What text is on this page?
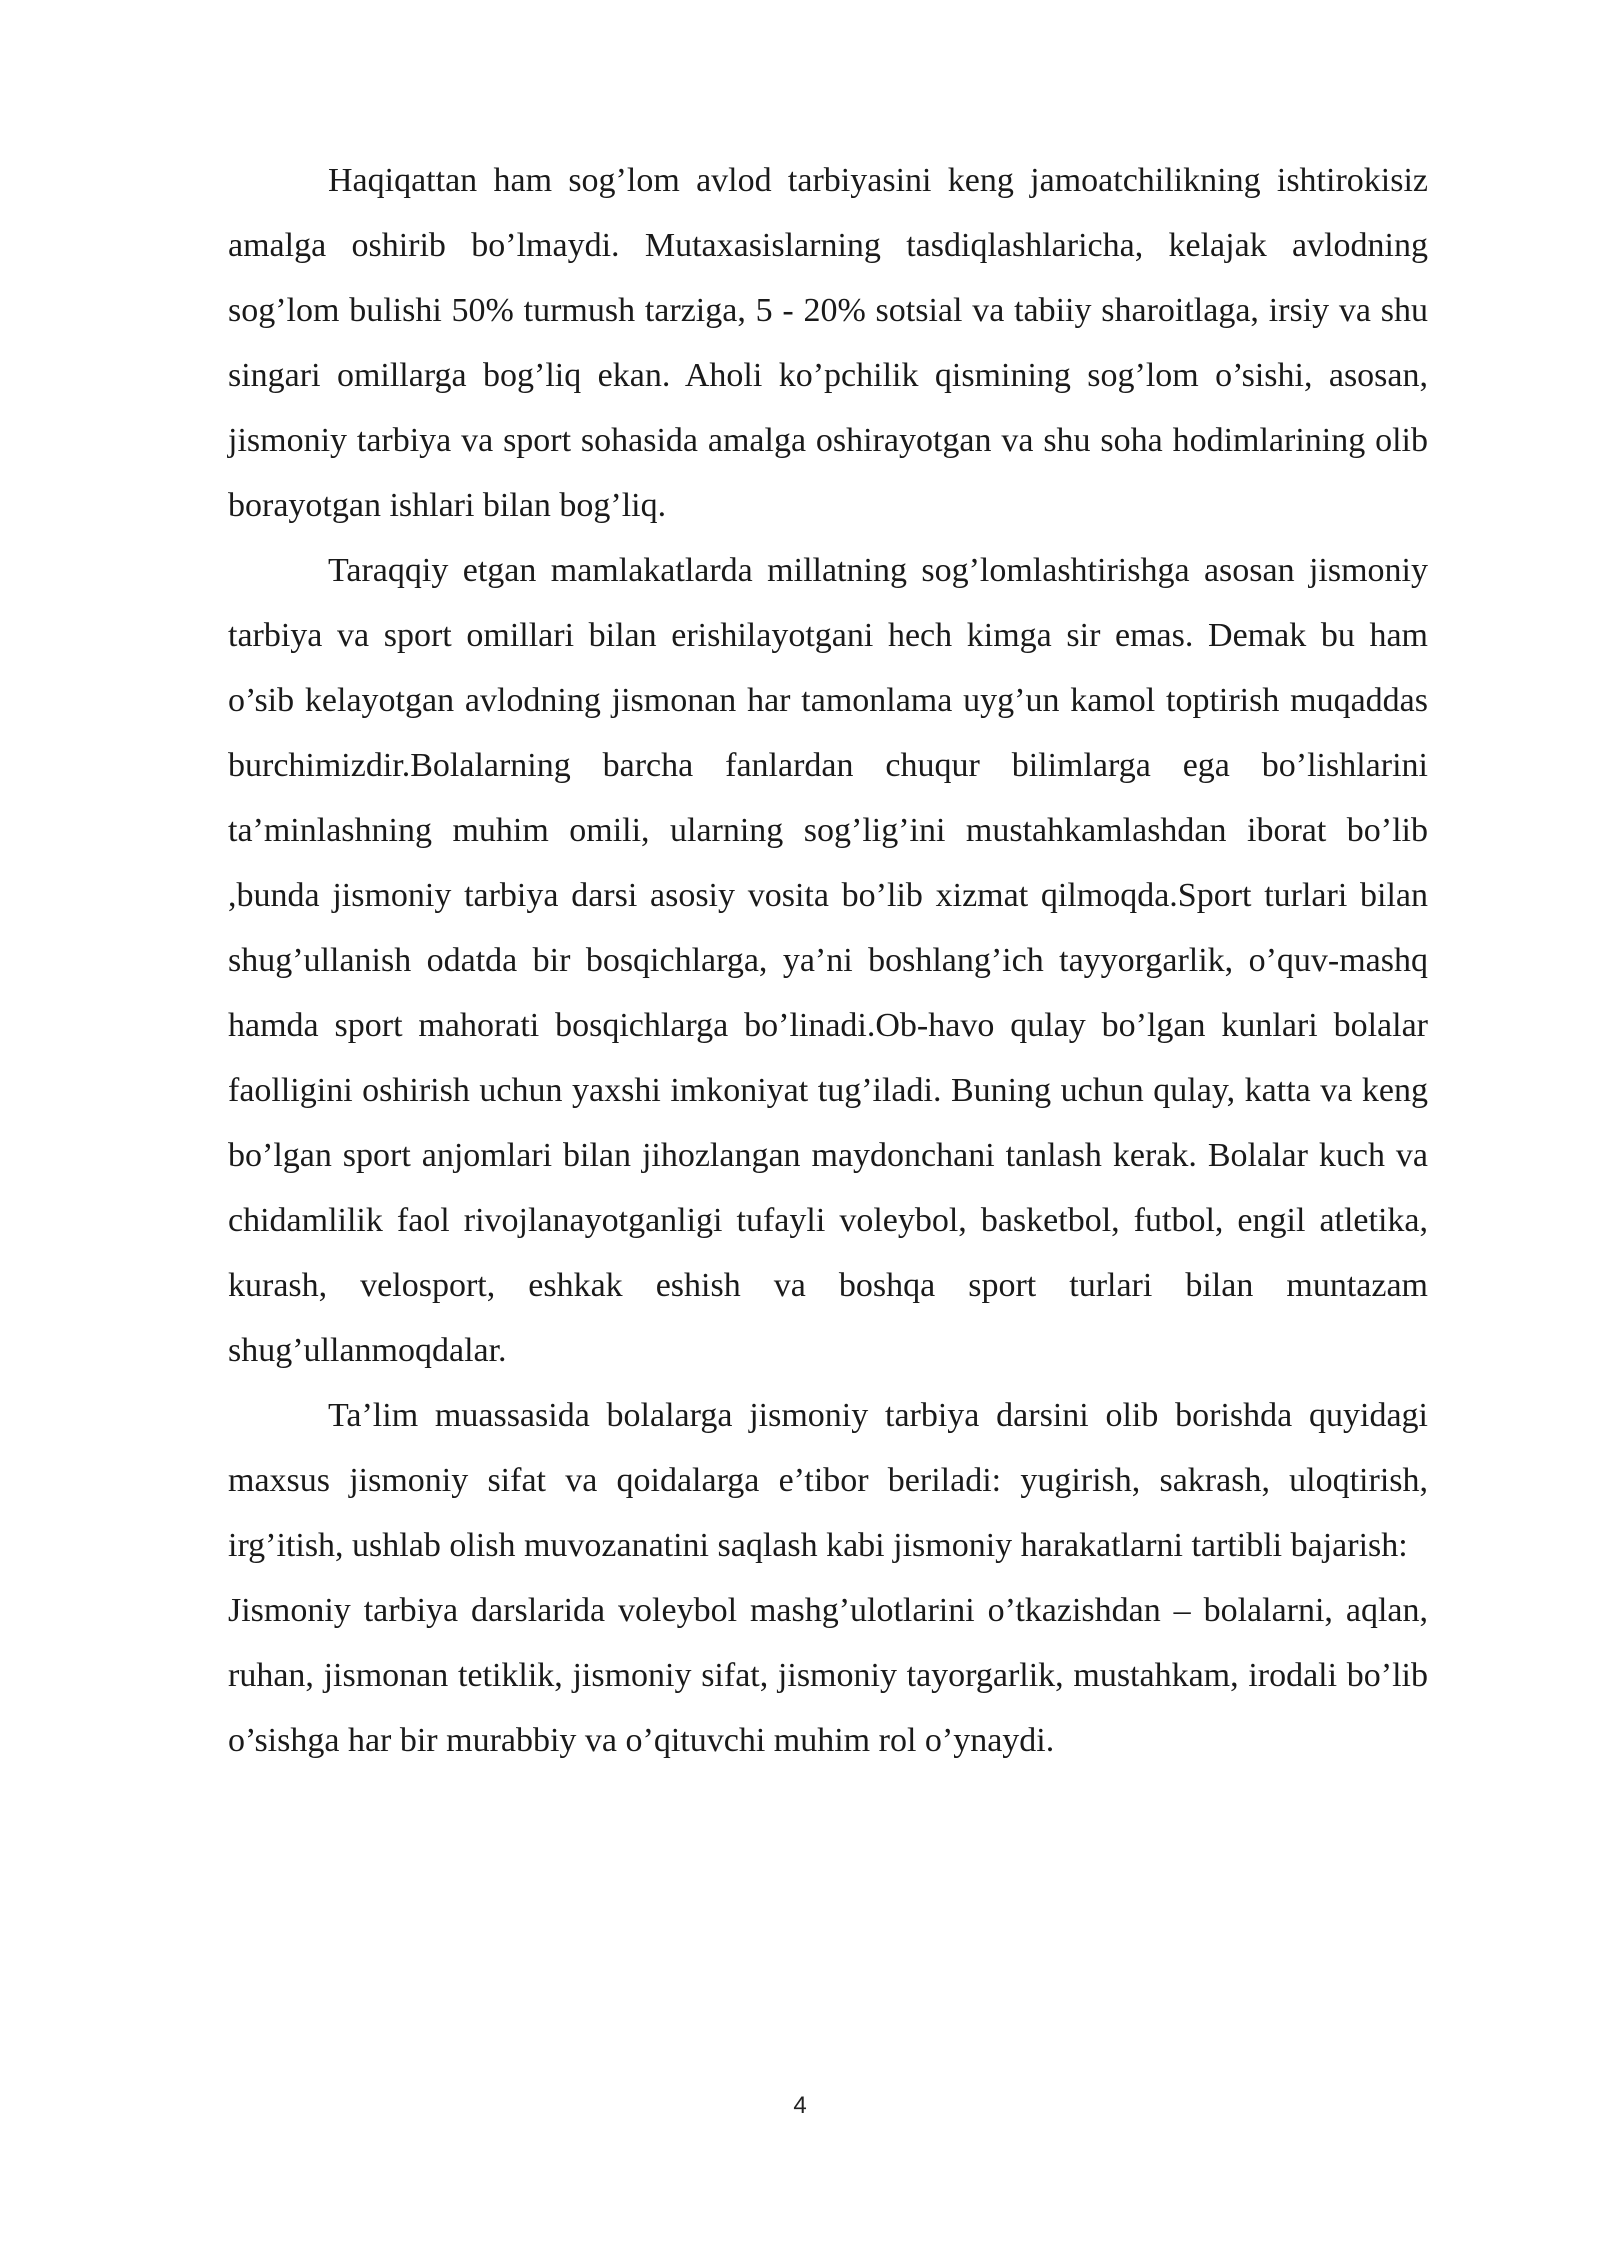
Haqiqattan ham sog’lom avlod tarbiyasini keng jamoatchilikning ishtirokisiz amalga oshirib bo’lmaydi. Mutaxasislarning tasdiqlashlaricha, kelajak avlodning sog’lom bulishi 50% turmush tarziga, 5 - 20% sotsial va tabiiy sharoitlaga, irsiy va shu singari omillarga bog’liq ekan. Aholi ko’pchilik qismining sog’lom o’sishi, asosan, jismoniy tarbiya va sport sohasida amalga oshirayotgan va shu soha hodimlarining olib borayotgan ishlari bilan bog’liq.

Taraqqiy etgan mamlakatlarda millatning sog’lomlashtirishga asosan jismoniy tarbiya va sport omillari bilan erishilayotgani hech kimga sir emas. Demak bu ham o’sib kelayotgan avlodning jismonan har tamonlama uyg’un kamol toptirish muqaddas burchimizdir.Bolalarning barcha fanlardan chuqur bilimlarga ega bo’lishlarini ta’minlashning muhim omili, ularning sog’lig’ini mustahkamlashdan iborat bo’lib ,bunda jismoniy tarbiya darsi asosiy vosita bo’lib xizmat qilmoqda.Sport turlari bilan shug’ullanish odatda bir bosqichlarga, ya’ni boshlang’ich tayyorgarlik, o’quv-mashq hamda sport mahorati bosqichlarga bo’linadi.Ob-havo qulay bo’lgan kunlari bolalar faolligini oshirish uchun yaxshi imkoniyat tug’iladi. Buning uchun qulay, katta va keng bo’lgan sport anjomlari bilan jihozlangan maydonchani tanlash kerak. Bolalar kuch va chidamlilik faol rivojlanayotganligi tufayli voleybol, basketbol, futbol, engil atletika, kurash, velosport, eshkak eshish va boshqa sport turlari bilan muntazam shug’ullanmoqdalar.

Ta’lim muassasida bolalarga jismoniy tarbiya darsini olib borishda quyidagi maxsus jismoniy sifat va qoidalarga e’tibor beriladi: yugirish, sakrash, uloqtirish, irg’itish, ushlab olish muvozanatini saqlash kabi jismoniy harakatlarni tartibli bajarish:

Jismoniy tarbiya darslarida voleybol mashg’ulotlarini o’tkazishdan – bolalarni, aqlan, ruhan, jismonan tetiklik, jismoniy sifat, jismoniy tayorgarlik, mustahkam, irodali bo’lib o’sishga har bir murabbiy va o’qituvchi muhim rol o’ynaydi.

4
